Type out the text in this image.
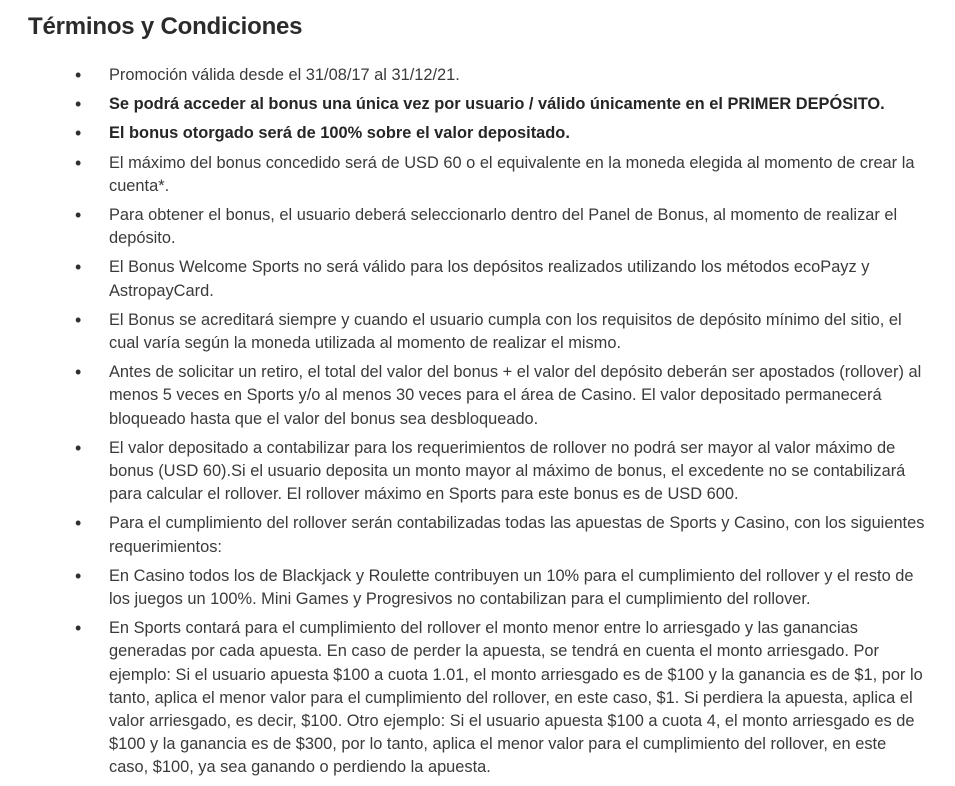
Términos y Condiciones
•	Promoción válida desde el 31/08/17 al 31/12/21.
•	Se podrá acceder al bonus una única vez por usuario / válido únicamente en el PRIMER DEPÓSITO.
•	El bonus otorgado será de 100% sobre el valor depositado.
•	El máximo del bonus concedido será de USD 60 o el equivalente en la moneda elegida al momento de crear la cuenta*.
•	Para obtener el bonus, el usuario deberá seleccionarlo dentro del Panel de Bonus, al momento de realizar el depósito.
•	El Bonus Welcome Sports no será válido para los depósitos realizados utilizando los métodos ecoPayz y AstropayCard.
•	El Bonus se acreditará siempre y cuando el usuario cumpla con los requisitos de depósito mínimo del sitio, el cual varía según la moneda utilizada al momento de realizar el mismo.
•	Antes de solicitar un retiro, el total del valor del bonus + el valor del depósito deberán ser apostados (rollover) al menos 5 veces en Sports y/o al menos 30 veces para el área de Casino. El valor depositado permanecerá bloqueado hasta que el valor del bonus sea desbloqueado.
•	El valor depositado a contabilizar para los requerimientos de rollover no podrá ser mayor al valor máximo de bonus (USD 60).Si el usuario deposita un monto mayor al máximo de bonus, el excedente no se contabilizará para calcular el rollover. El rollover máximo en Sports para este bonus es de USD 600.
•	Para el cumplimiento del rollover serán contabilizadas todas las apuestas de Sports y Casino, con los siguientes requerimientos:
•	En Casino todos los de Blackjack y Roulette contribuyen un 10% para el cumplimiento del rollover y el resto de los juegos un 100%. Mini Games y Progresivos no contabilizan para el cumplimiento del rollover.
•	En Sports contará para el cumplimiento del rollover el monto menor entre lo arriesgado y las ganancias generadas por cada apuesta. En caso de perder la apuesta, se tendrá en cuenta el monto arriesgado. Por ejemplo: Si el usuario apuesta $100 a cuota 1.01, el monto arriesgado es de $100 y la ganancia es de $1, por lo tanto, aplica el menor valor para el cumplimiento del rollover, en este caso, $1. Si perdiera la apuesta, aplica el valor arriesgado, es decir, $100. Otro ejemplo: Si el usuario apuesta $100 a cuota 4, el monto arriesgado es de $100 y la ganancia es de $300, por lo tanto, aplica el menor valor para el cumplimiento del rollover, en este caso, $100, ya sea ganando o perdiendo la apuesta.
